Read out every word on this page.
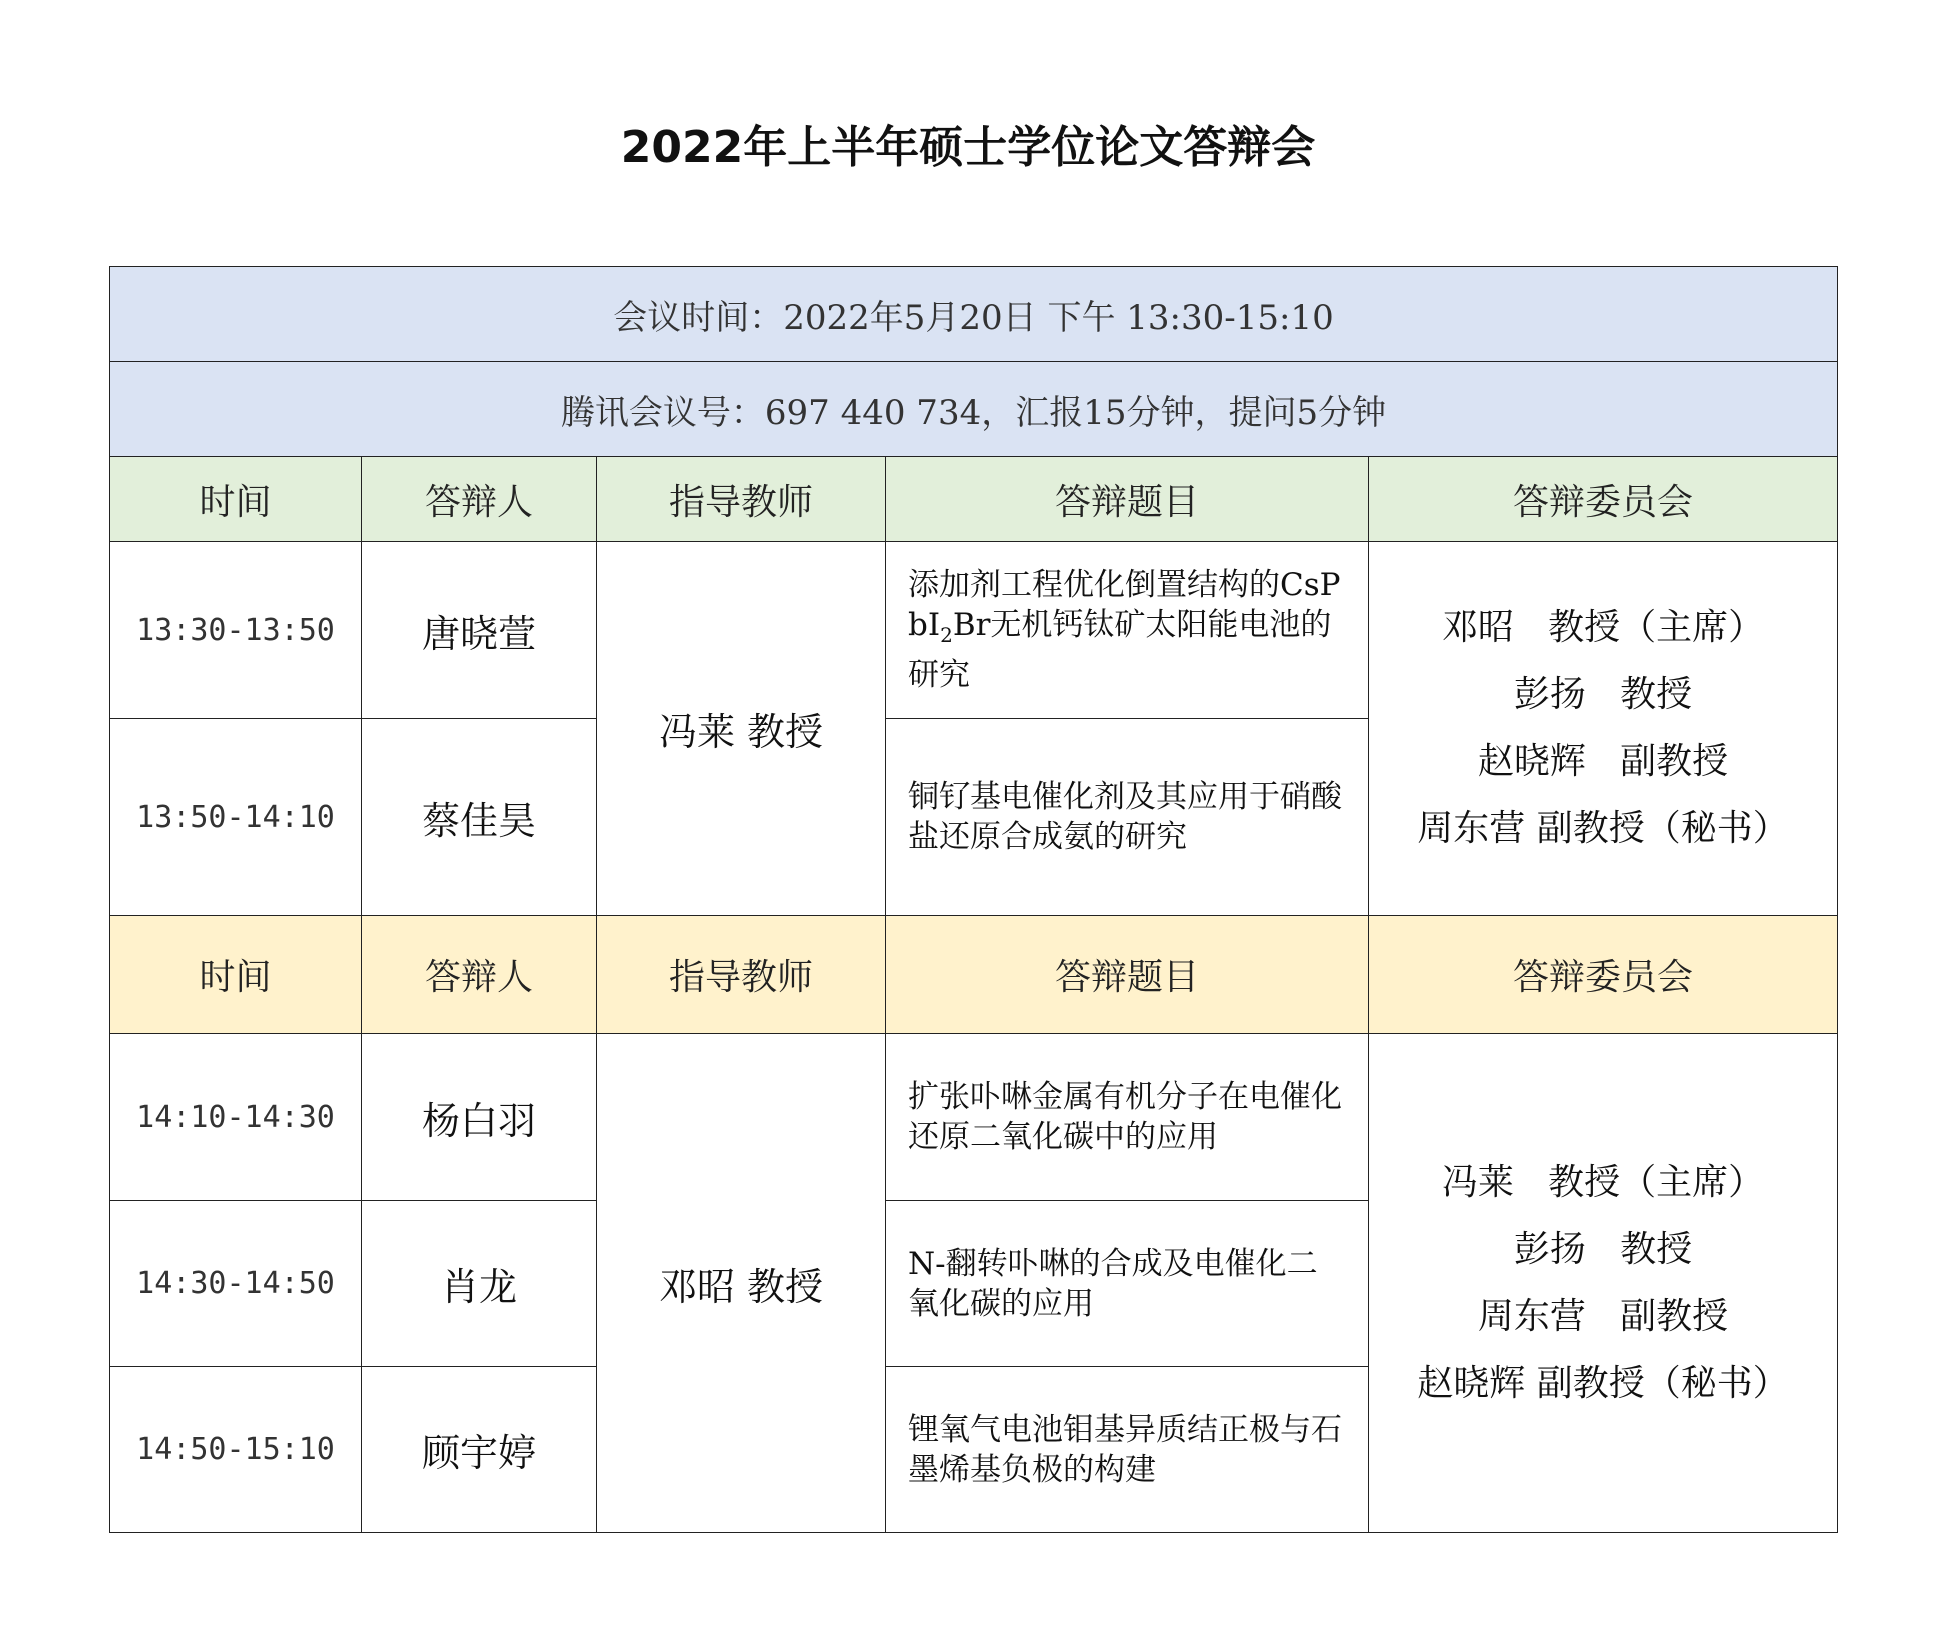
2022年上半年硕士学位论文答辩会
会议时间：2022年5月20日 下午 13:30-15:10				
腾讯会议号：697 440 734，汇报15分钟，提问5分钟				
时间	答辩人	指导教师	答辩题目	答辩委员会
13:30-13:50	唐晓萱	冯莱 教授	添加剂工程优化倒置结构的CsPbI$_2$Br无机钙钛矿太阳能电池的研究	邓昭   教授（主席）
彭扬   教授
赵晓辉   副教授
周东营 副教授（秘书）

13:50-14:10	蔡佳昊		铜钌基电催化剂及其应用于硝酸盐还原合成氨的研究	

时间	答辩人	指导教师	答辩题目	答辩委员会
14:10-14:30	杨白羽	邓昭 教授	扩张卟啉金属有机分子在电催化还原二氧化碳中的应用	冯莱   教授（主席）
彭扬   教授
周东营   副教授
赵晓辉 副教授（秘书）

14:30-14:50	肖龙		N-翻转卟啉的合成及电催化二氧化碳的应用	

14:50-15:10	顾宇婷		锂氧气电池钼基异质结正极与石墨烯基负极的构建	
